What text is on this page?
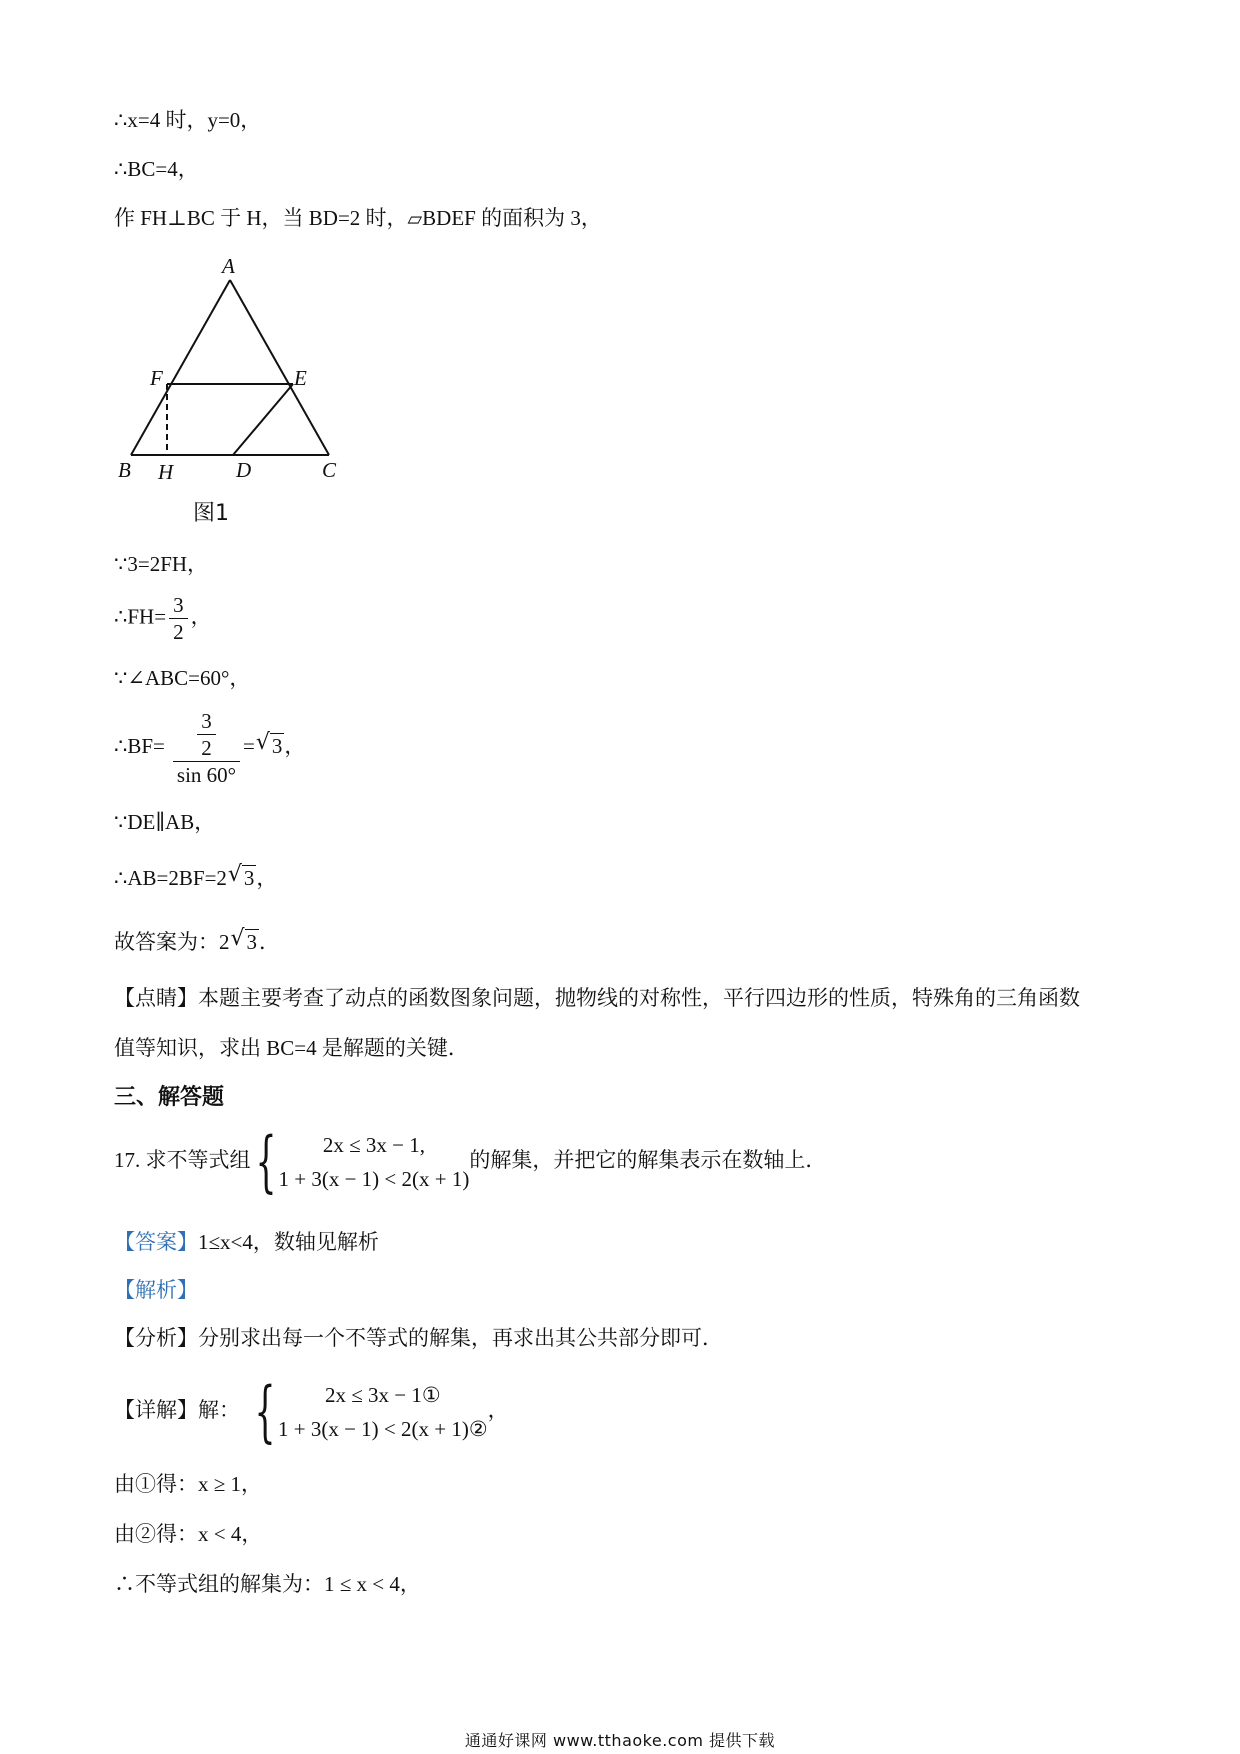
∴x=4 时，y=0，
∴BC=4，
作 FH⊥BC 于 H，当 BD=2 时，▱BDEF 的面积为 3，
A
F	E
B H	D	C
图1
∵3=2FH，
∴FH= $\frac{3}{2}$ ，
∵∠ABC=60°，
∴BF= $\frac{\frac{3}{2}}{\sin 60^\circ}$ = √ 3，
∵DE∥AB，
∴AB=2BF=2 √ 3，
故答案为：2 √ 3．
【点睛】本题主要考查了动点的函数图象问题，抛物线的对称性，平行四边形的性质，特殊角的三角函数
值等知识，求出 BC=4 是解题的关键．
三、解答题
17. 求不等式组{	2x ≤ 3x − 1,
1 + 3(x − 1) < 2(x + 1)
的解集，并把它的解集表示在数轴上．
【答案】1≤x<4，数轴见解析
【解析】
【分析】分别求出每一个不等式的解集，再求出其公共部分即可．
【详解】解： {	2x ≤ 3x − 1①
1 + 3(x − 1) < 2(x + 1)②
，
由①得：x ≥ 1，
由②得：x < 4，
∴不等式组的解集为：1 ≤ x < 4，
通通好课网 www.tthaoke.com 提供下载
